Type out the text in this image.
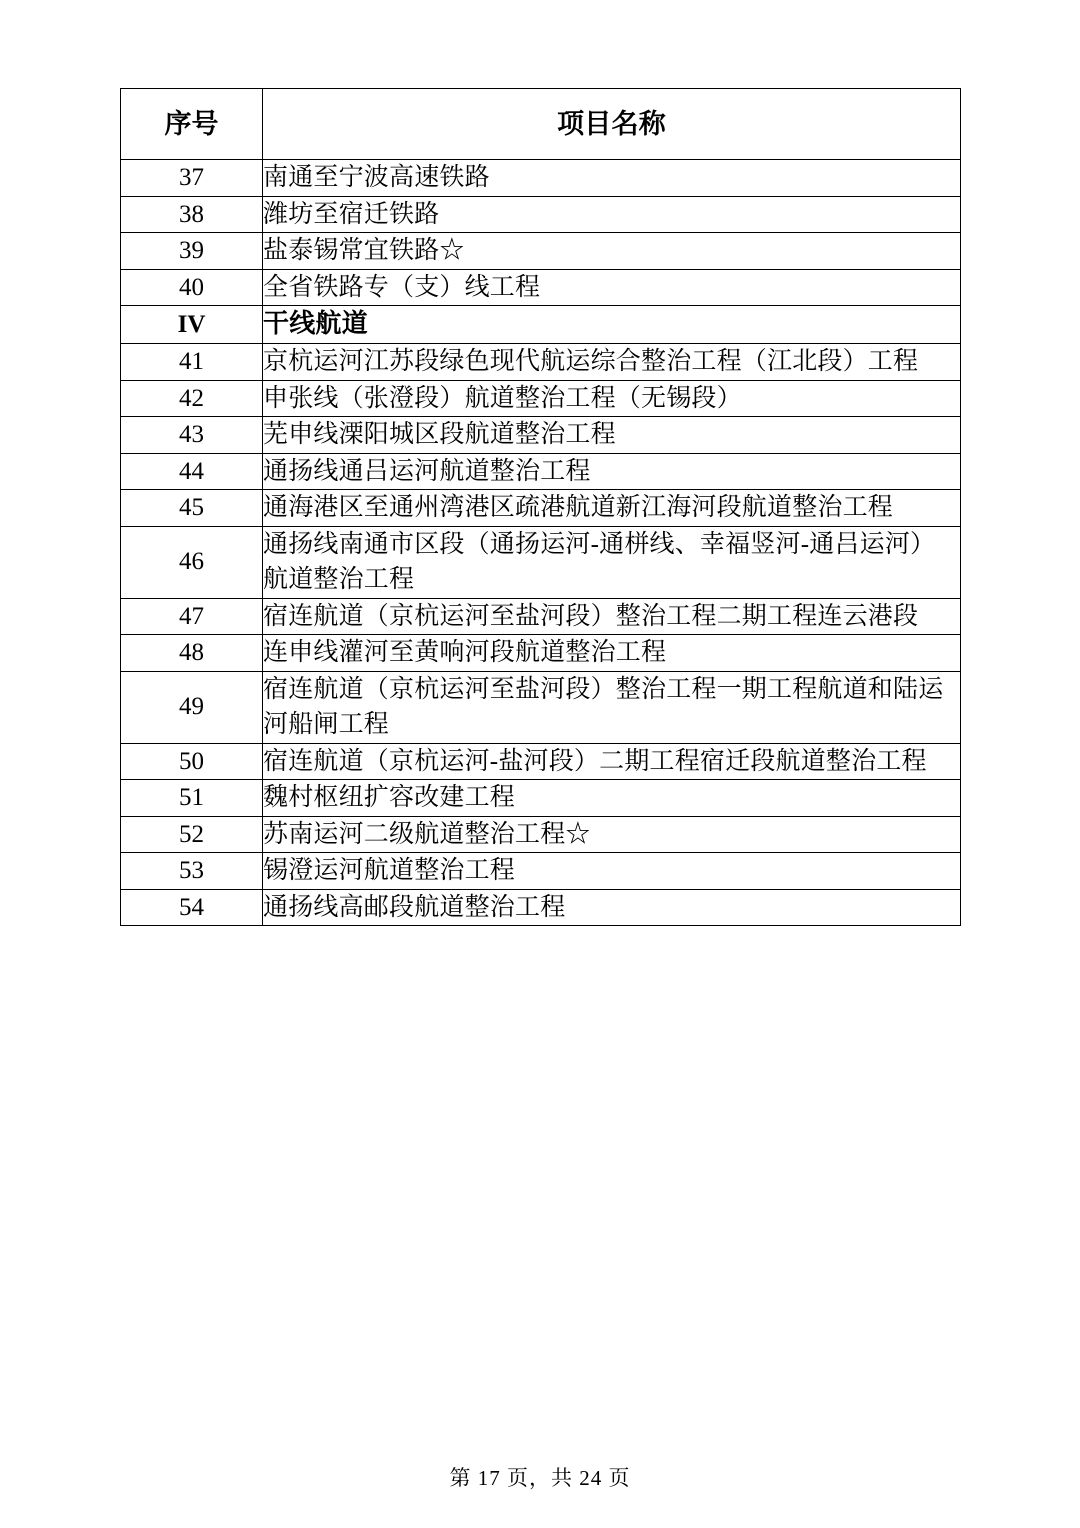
序号	项目名称
37	南通至宁波高速铁路
38	潍坊至宿迁铁路
39	盐泰锡常宜铁路☆
40	全省铁路专（支）线工程
IV	干线航道
41	京杭运河江苏段绿色现代航运综合整治工程（江北段）工程
42	申张线（张澄段）航道整治工程（无锡段）
43	芜申线溧阳城区段航道整治工程
44	通扬线通吕运河航道整治工程
45	通海港区至通州湾港区疏港航道新江海河段航道整治工程
46	通扬线南通市区段（通扬运河-通栟线、幸福竖河-通吕运河）航道整治工程
47	宿连航道（京杭运河至盐河段）整治工程二期工程连云港段
48	连申线灌河至黄响河段航道整治工程
49	宿连航道（京杭运河至盐河段）整治工程一期工程航道和陆运河船闸工程
50	宿连航道（京杭运河-盐河段）二期工程宿迁段航道整治工程
51	魏村枢纽扩容改建工程
52	苏南运河二级航道整治工程☆
53	锡澄运河航道整治工程
54	通扬线高邮段航道整治工程
第 17 页，共 24 页
